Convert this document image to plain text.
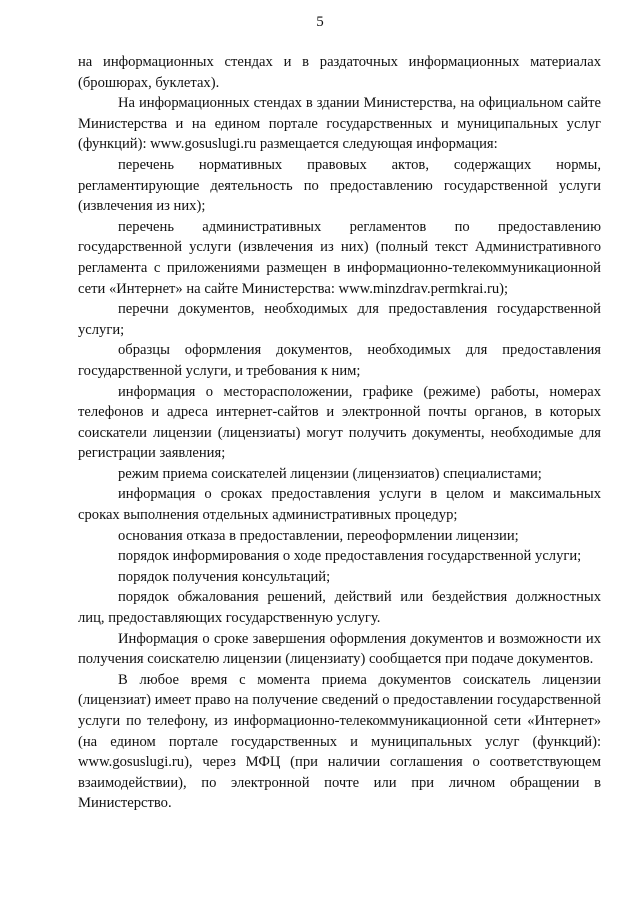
5

на информационных стендах и в раздаточных информационных материалах (брошюрах, буклетах).

На информационных стендах в здании Министерства, на официальном сайте Министерства и на едином портале государственных и муниципальных услуг (функций): www.gosuslugi.ru размещается следующая информация:

перечень нормативных правовых актов, содержащих нормы, регламентирующие деятельность по предоставлению государственной услуги (извлечения из них);

перечень административных регламентов по предоставлению государственной услуги (извлечения из них) (полный текст Административного регламента с приложениями размещен в информационно-телекоммуникационной сети «Интернет» на сайте Министерства: www.minzdrav.permkrai.ru);

перечни документов, необходимых для предоставления государственной услуги;

образцы оформления документов, необходимых для предоставления государственной услуги, и требования к ним;

информация о месторасположении, графике (режиме) работы, номерах телефонов и адреса интернет-сайтов и электронной почты органов, в которых соискатели лицензии (лицензиаты) могут получить документы, необходимые для регистрации заявления;

режим приема соискателей лицензии (лицензиатов) специалистами;

информация о сроках предоставления услуги в целом и максимальных сроках выполнения отдельных административных процедур;

основания отказа в предоставлении, переоформлении лицензии;

порядок информирования о ходе предоставления государственной услуги;

порядок получения консультаций;

порядок обжалования решений, действий или бездействия должностных лиц, предоставляющих государственную услугу.

Информация о сроке завершения оформления документов и возможности их получения соискателю лицензии (лицензиату) сообщается при подаче документов.

В любое время с момента приема документов соискатель лицензии (лицензиат) имеет право на получение сведений о предоставлении государственной услуги по телефону, из информационно-телекоммуникационной сети «Интернет» (на едином портале государственных и муниципальных услуг (функций): www.gosuslugi.ru), через МФЦ (при наличии соглашения о соответствующем взаимодействии), по электронной почте или при личном обращении в Министерство.
